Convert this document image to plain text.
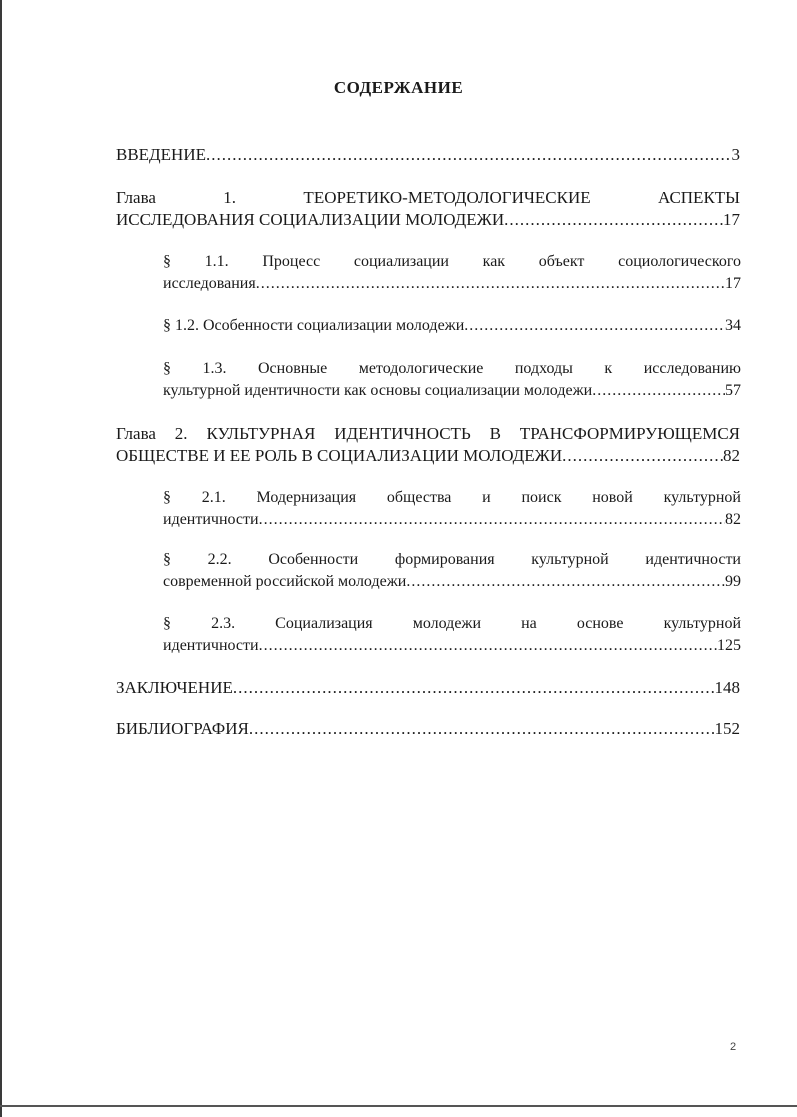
СОДЕРЖАНИЕ
ВВЕДЕНИЕ .....	3
Глава 1. ТЕОРЕТИКО-МЕТОДОЛОГИЧЕСКИЕ АСПЕКТЫ
ИССЛЕДОВАНИЯ СОЦИАЛИЗАЦИИ МОЛОДЕЖИ .....	17
§ 1.1. Процесс социализации как объект социологического
исследования .....	17
§ 1.2. Особенности социализации молодежи .....	34
§ 1.3. Основные методологические подходы к исследованию
культурной идентичности как основы социализации молодежи .....	57
Глава 2. КУЛЬТУРНАЯ ИДЕНТИЧНОСТЬ В ТРАНСФОРМИРУЮЩЕМСЯ
ОБЩЕСТВЕ И ЕЕ РОЛЬ В СОЦИАЛИЗАЦИИ МОЛОДЕЖИ .....	82
§ 2.1. Модернизация общества и поиск новой культурной
идентичности .....	82
§ 2.2. Особенности формирования культурной идентичности
современной российской молодежи .....	99
§ 2.3. Социализация молодежи на основе культурной
идентичности .....	125
ЗАКЛЮЧЕНИЕ .....	148
БИБЛИОГРАФИЯ .....	152
2
